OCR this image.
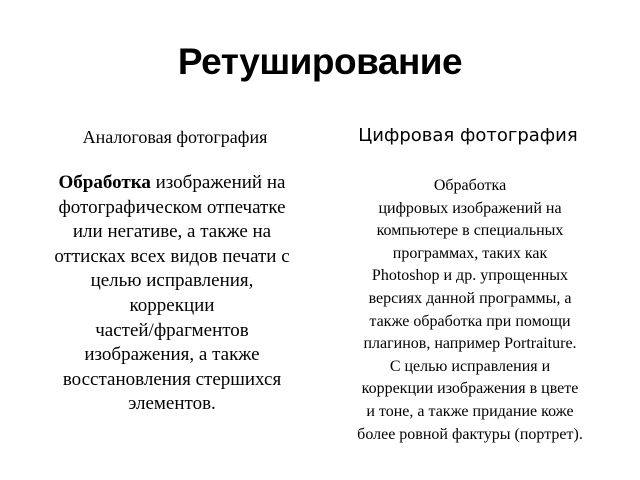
Ретуширование
Аналоговая фотография	Цифровая фотография
Обработка изображений на
фотографическом отпечатке
или негативе, а также на
оттисках всех видов печати с
целью исправления,
коррекции
частей/фрагментов
изображения, а также
восстановления стершихся
элементов.
Обработка
цифровых изображений на
компьютере в специальных
программах, таких как
Photoshop и др. упрощенных
версиях данной программы, а
также обработка при помощи
плагинов, например Portraiture.
С целью исправления и
коррекции изображения в цвете
и тоне, а также придание коже
более ровной фактуры (портрет).
